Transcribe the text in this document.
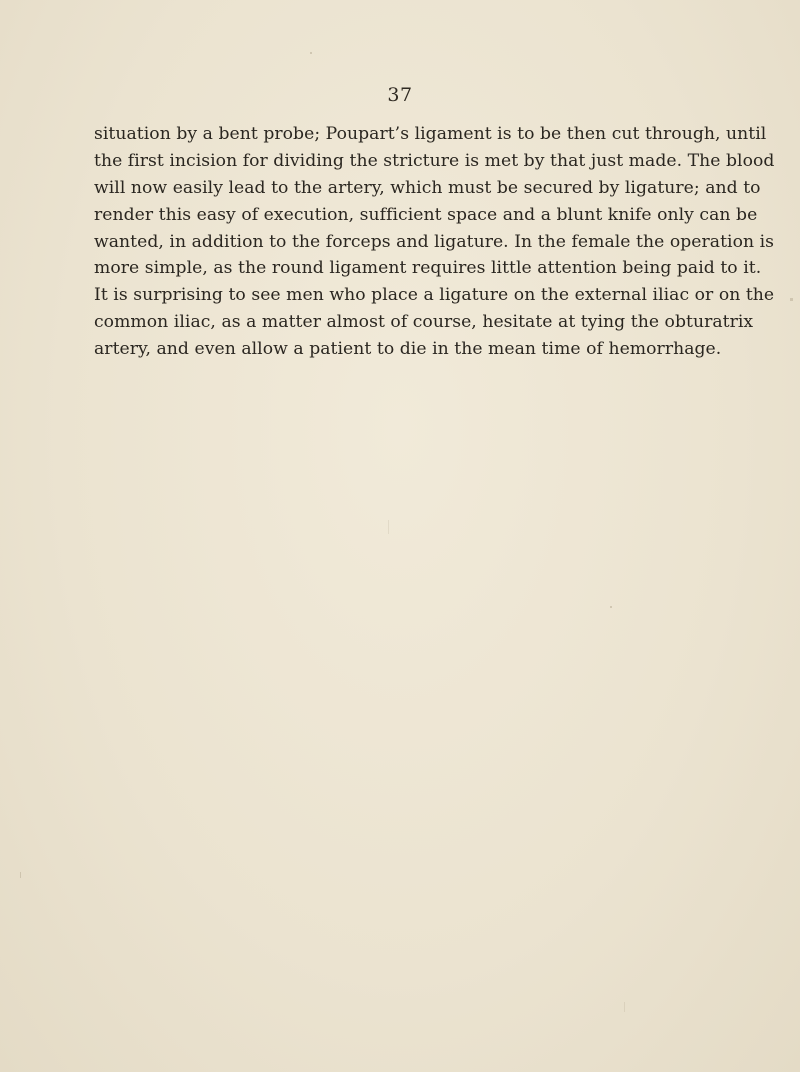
37
situation by a bent probe; Poupart’s ligament is to be then cut through, until
the first incision for dividing the stricture is met by that just made. The blood
will now easily lead to the artery, which must be secured by ligature; and to
render this easy of execution, sufficient space and a blunt knife only can be
wanted, in addition to the forceps and ligature. In the female the operation is
more simple, as the round ligament requires little attention being paid to it.
It is surprising to see men who place a ligature on the external iliac or on the
common iliac, as a matter almost of course, hesitate at tying the obturatrix
artery, and even allow a patient to die in the mean time of hemorrhage.
